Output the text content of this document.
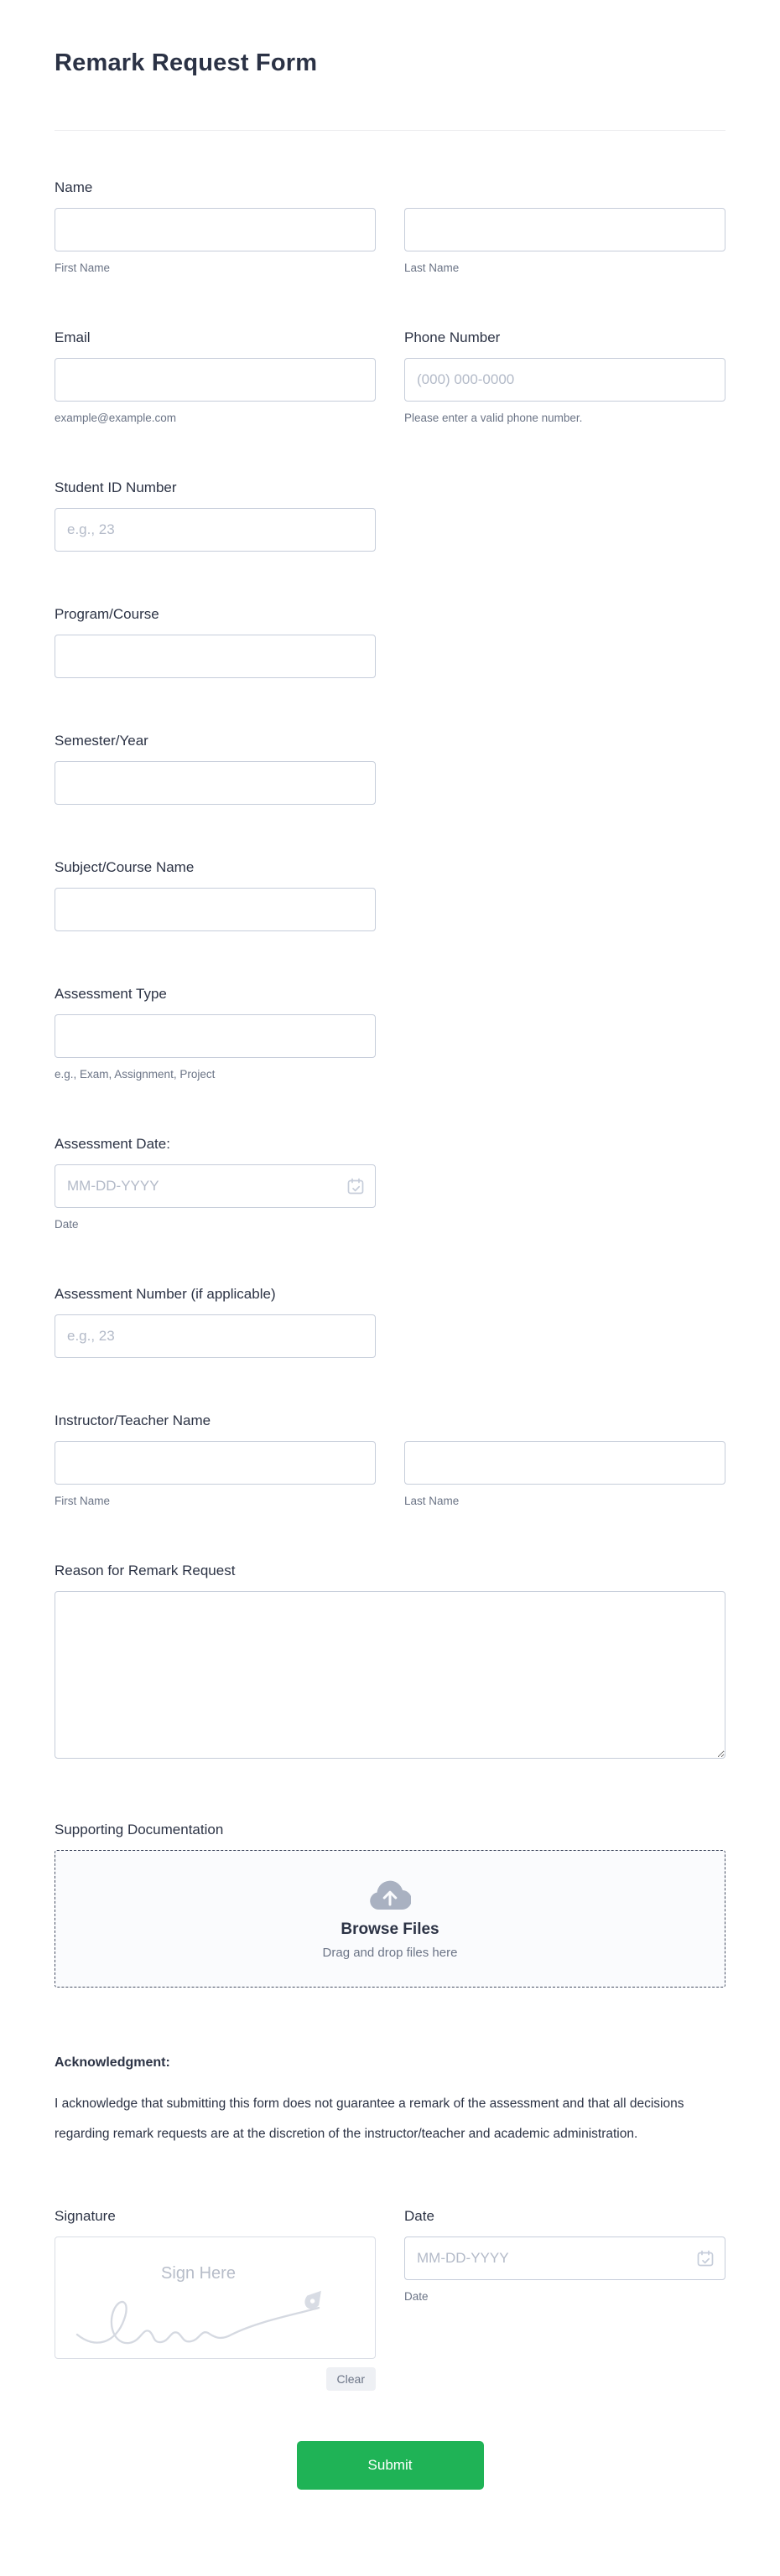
Remark Request Form
Name
First Name	Last Name
Email
example@example.com
Phone Number
(000) 000-0000
Please enter a valid phone number.
Student ID Number
e.g., 23
Program/Course
Semester/Year
Subject/Course Name
Assessment Type
e.g., Exam, Assignment, Project
Assessment Date:
MM-DD-YYYY
Date
Assessment Number (if applicable)
e.g., 23
Instructor/Teacher Name
First Name	Last Name
Reason for Remark Request
Supporting Documentation
Browse Files
Drag and drop files here

Acknowledgment:

I acknowledge that submitting this form does not guarantee a remark of the assessment and that all decisions regarding remark requests are at the discretion of the instructor/teacher and academic administration.

Signature
Sign Here
Clear
Date
MM-DD-YYYY
Date
Submit
